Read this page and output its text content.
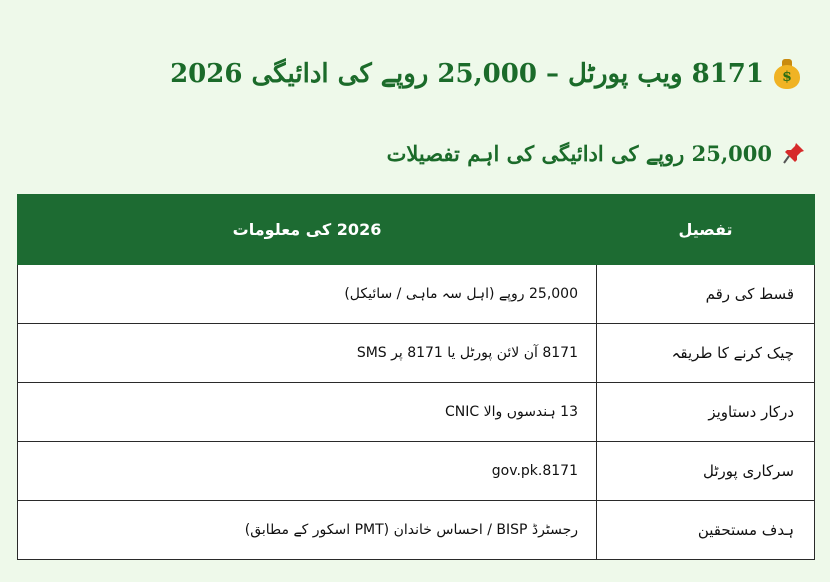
$
8171 ویب پورٹل – 25,000 روپے کی ادائیگی 2026
25,000 روپے کی ادائیگی کی اہم تفصیلات
تفصیل	2026 کی معلومات
قسط کی رقم	25,000 روپے (اہل سہ ماہی / سائیکل)
چیک کرنے کا طریقہ	8171 آن لائن پورٹل یا 8171 پر SMS
درکار دستاویز	13 ہندسوں والا CNIC
سرکاری پورٹل	8171.gov.pk
ہدف مستحقین	رجسٹرڈ BISP / احساس خاندان (PMT اسکور کے مطابق)
